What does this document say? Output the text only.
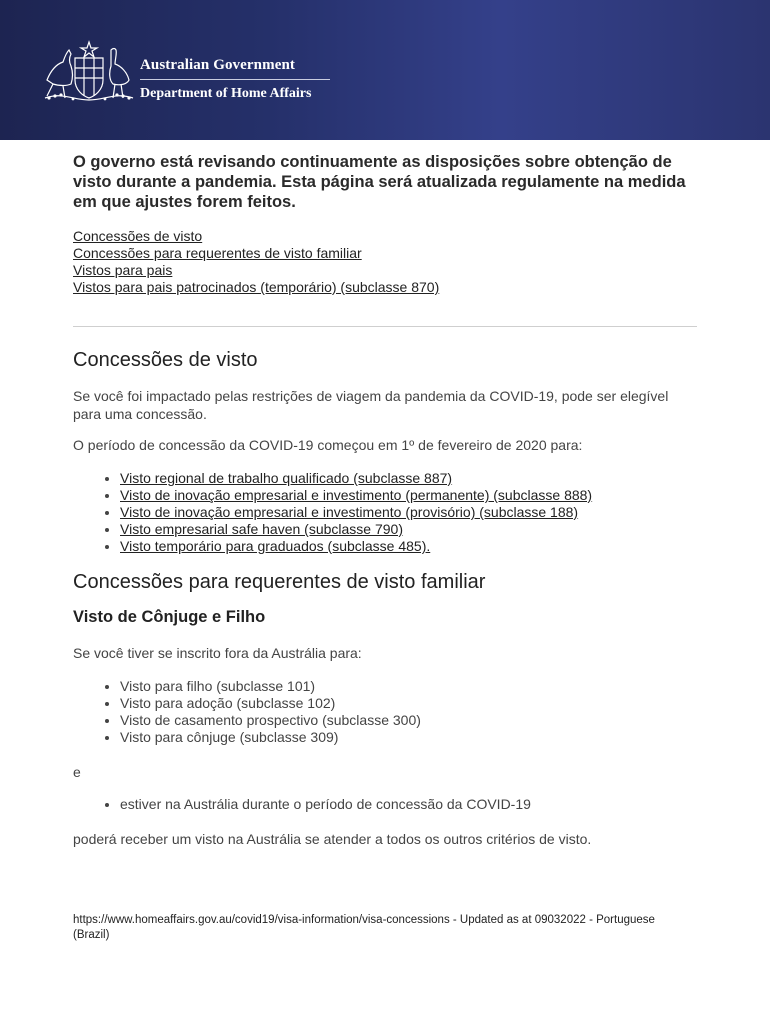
Australian Government
Department of Home Affairs

O governo está revisando continuamente as disposições sobre obtenção de visto durante a pandemia. Esta página será atualizada regulamente na medida em que ajustes forem feitos.

Concessões de visto
Concessões para requerentes de visto familiar
Vistos para pais
Vistos para pais patrocinados (temporário) (subclasse 870)
Concessões de visto

Se você foi impactado pelas restrições de viagem da pandemia da COVID-19, pode ser elegível para uma concessão.

O período de concessão da COVID-19 começou em 1º de fevereiro de 2020 para:

• Visto regional de trabalho qualificado (subclasse 887)
• Visto de inovação empresarial e investimento (permanente) (subclasse 888)
• Visto de inovação empresarial e investimento (provisório) (subclasse 188)
• Visto empresarial safe haven (subclasse 790)
• Visto temporário para graduados (subclasse 485).
Concessões para requerentes de visto familiar
Visto de Cônjuge e Filho

Se você tiver se inscrito fora da Austrália para:

• Visto para filho (subclasse 101)
• Visto para adoção (subclasse 102)
• Visto de casamento prospectivo (subclasse 300)
• Visto para cônjuge (subclasse 309)

e

• estiver na Austrália durante o período de concessão da COVID-19

poderá receber um visto na Austrália se atender a todos os outros critérios de visto.

https://www.homeaffairs.gov.au/covid19/visa-information/visa-concessions - Updated as at 09032022 - Portuguese (Brazil)
